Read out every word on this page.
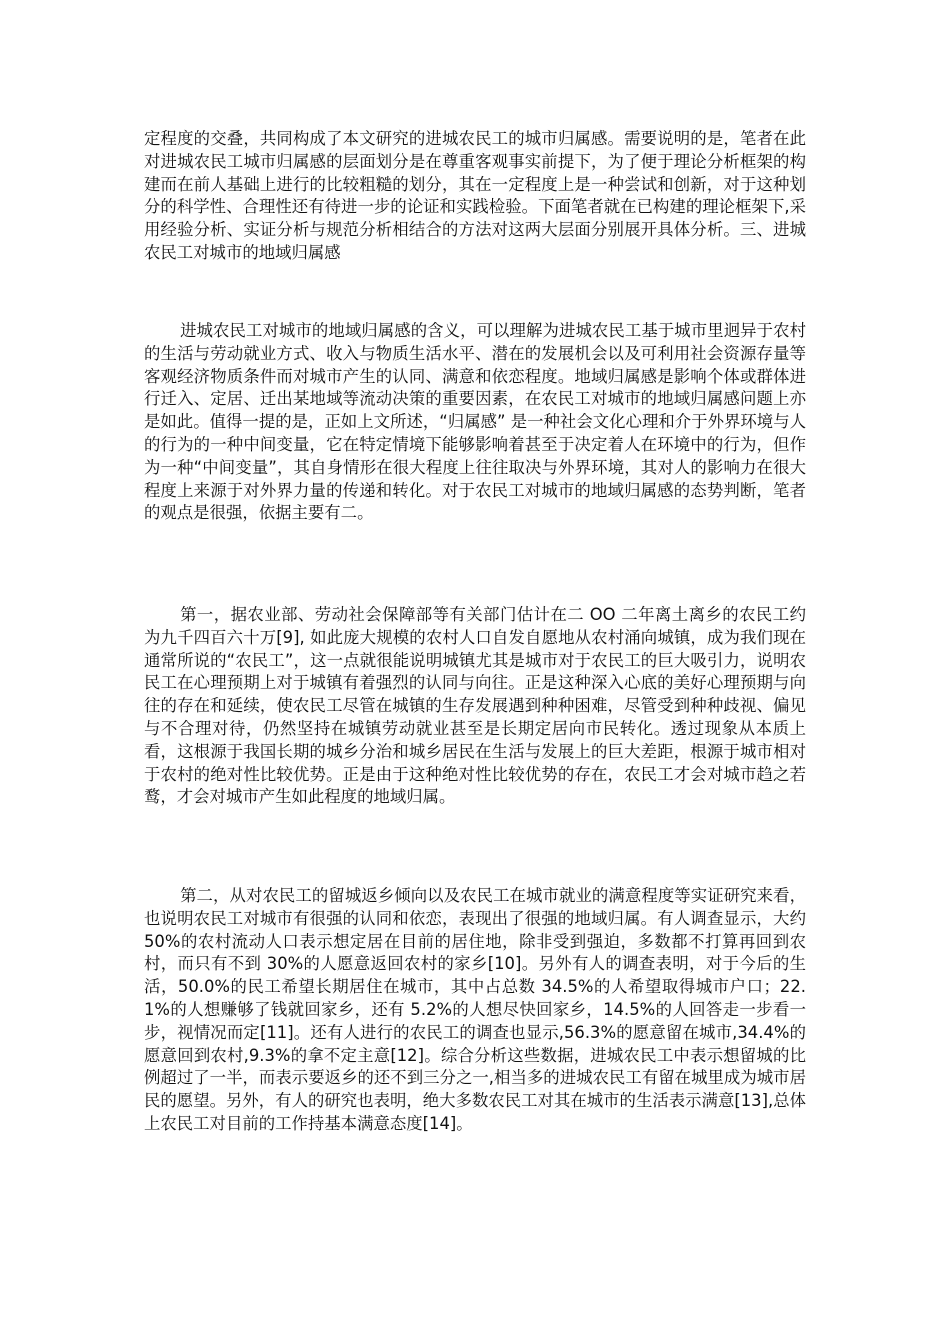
定程度的交叠，共同构成了本文研究的进城农民工的城市归属感。需要说明的是，笔者在此对进城农民工城市归属感的层面划分是在尊重客观事实前提下，为了便于理论分析框架的构建而在前人基础上进行的比较粗糙的划分，其在一定程度上是一种尝试和创新，对于这种划分的科学性、合理性还有待进一步的论证和实践检验。下面笔者就在已构建的理论框架下,采用经验分析、实证分析与规范分析相结合的方法对这两大层面分别展开具体分析。三、进城农民工对城市的地域归属感

进城农民工对城市的地域归属感的含义，可以理解为进城农民工基于城市里迥异于农村的生活与劳动就业方式、收入与物质生活水平、潜在的发展机会以及可利用社会资源存量等客观经济物质条件而对城市产生的认同、满意和依恋程度。地域归属感是影响个体或群体进行迁入、定居、迁出某地域等流动决策的重要因素，在农民工对城市的地域归属感问题上亦是如此。值得一提的是，正如上文所述，“归属感” 是一种社会文化心理和介于外界环境与人的行为的一种中间变量，它在特定情境下能够影响着甚至于决定着人在环境中的行为，但作为一种“中间变量”，其自身情形在很大程度上往往取决与外界环境，其对人的影响力在很大程度上来源于对外界力量的传递和转化。对于农民工对城市的地域归属感的态势判断，笔者的观点是很强，依据主要有二。

第一，据农业部、劳动社会保障部等有关部门估计在二 OO 二年离土离乡的农民工约为九千四百六十万[9], 如此庞大规模的农村人口自发自愿地从农村涌向城镇，成为我们现在通常所说的“农民工”，这一点就很能说明城镇尤其是城市对于农民工的巨大吸引力，说明农民工在心理预期上对于城镇有着强烈的认同与向往。正是这种深入心底的美好心理预期与向往的存在和延续，使农民工尽管在城镇的生存发展遇到种种困难，尽管受到种种歧视、偏见与不合理对待，仍然坚持在城镇劳动就业甚至是长期定居向市民转化。透过现象从本质上看，这根源于我国长期的城乡分治和城乡居民在生活与发展上的巨大差距，根源于城市相对于农村的绝对性比较优势。正是由于这种绝对性比较优势的存在，农民工才会对城市趋之若鹜，才会对城市产生如此程度的地域归属。

第二，从对农民工的留城返乡倾向以及农民工在城市就业的满意程度等实证研究来看，也说明农民工对城市有很强的认同和依恋，表现出了很强的地域归属。有人调查显示，大约 50%的农村流动人口表示想定居在目前的居住地，除非受到强迫，多数都不打算再回到农村，而只有不到 30%的人愿意返回农村的家乡[10]。另外有人的调查表明，对于今后的生活，50.0%的民工希望长期居住在城市，其中占总数 34.5%的人希望取得城市户口；22.1%的人想赚够了钱就回家乡，还有 5.2%的人想尽快回家乡，14.5%的人回答走一步看一步，视情况而定[11]。还有人进行的农民工的调查也显示,56.3%的愿意留在城市,34.4%的愿意回到农村,9.3%的拿不定主意[12]。综合分析这些数据，进城农民工中表示想留城的比例超过了一半，而表示要返乡的还不到三分之一,相当多的进城农民工有留在城里成为城市居民的愿望。另外，有人的研究也表明，绝大多数农民工对其在城市的生活表示满意[13],总体上农民工对目前的工作持基本满意态度[14]。
